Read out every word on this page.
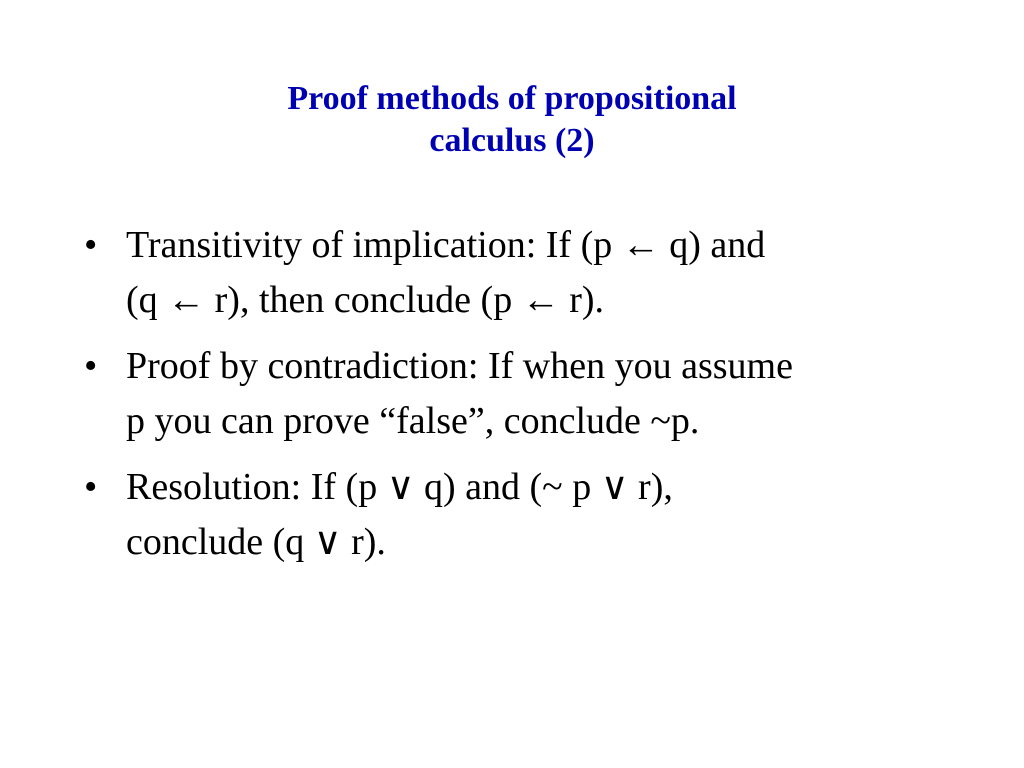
Proof methods of propositional
calculus (2)
• Transitivity of implication: If (p ← q) and
(q ← r), then conclude (p ← r).
• Proof by contradiction: If when you assume
p you can prove “false”, conclude ~p.
• Resolution: If (p ∨ q) and (~ p ∨ r),
conclude (q ∨ r).
